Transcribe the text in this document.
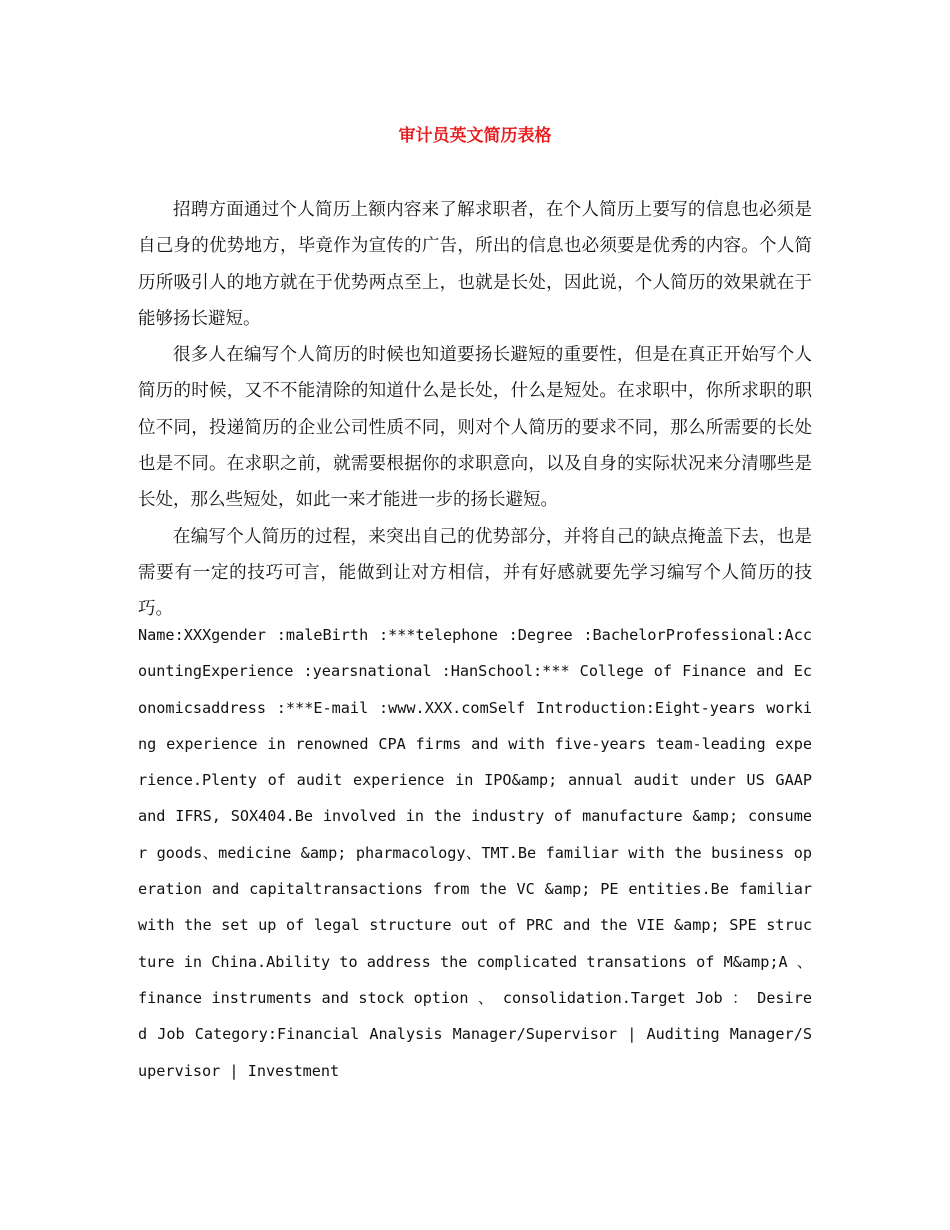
审计员英文简历表格

招聘方面通过个人简历上额内容来了解求职者，在个人简历上要写的信息也必须是自己身的优势地方，毕竟作为宣传的广告，所出的信息也必须要是优秀的内容。个人简历所吸引人的地方就在于优势两点至上，也就是长处，因此说，个人简历的效果就在于能够扬长避短。

很多人在编写个人简历的时候也知道要扬长避短的重要性，但是在真正开始写个人简历的时候，又不不能清除的知道什么是长处，什么是短处。在求职中，你所求职的职位不同，投递简历的企业公司性质不同，则对个人简历的要求不同，那么所需要的长处也是不同。在求职之前，就需要根据你的求职意向，以及自身的实际状况来分清哪些是长处，那么些短处，如此一来才能进一步的扬长避短。

在编写个人简历的过程，来突出自己的优势部分，并将自己的缺点掩盖下去，也是需要有一定的技巧可言，能做到让对方相信，并有好感就要先学习编写个人简历的技巧。

Name:XXXgender :maleBirth :***telephone :Degree :BachelorProfessional:AccountingExperience :yearsnational :HanSchool:*** College of Finance and Economicsaddress :***E-mail :www.XXX.comSelf Introduction:Eight-years working experience in renowned CPA firms and with five-years team-leading experience.Plenty of audit experience in IPO&amp; annual audit under US GAAP and IFRS, SOX404.Be involved in the industry of manufacture &amp; consumer goods、medicine &amp; pharmacology、TMT.Be familiar with the business operation and capitaltransactions from the VC &amp; PE entities.Be familiar with the set up of legal structure out of PRC and the VIE &amp; SPE structure in China.Ability to address the complicated transations of M&amp;A 、 finance instruments and stock option 、 consolidation.Target Job ： Desired Job Category:Financial Analysis Manager/Supervisor | Auditing Manager/Supervisor | Investment
